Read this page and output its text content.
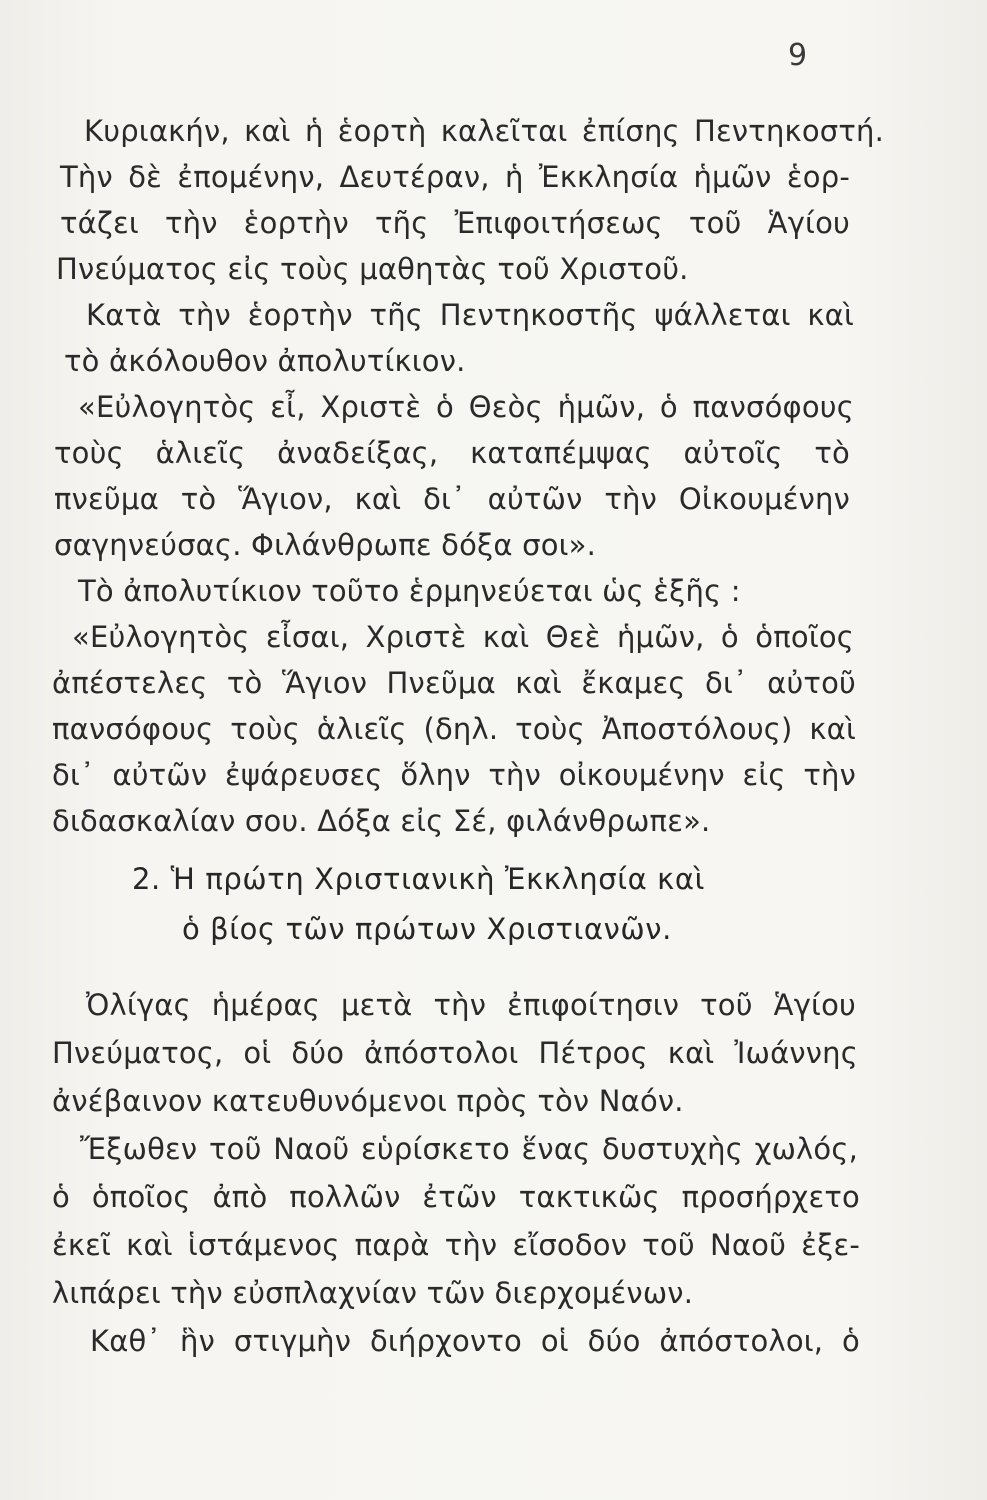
9
Κυριακήν, καὶ ἡ ἑορτὴ καλεῖται ἐπίσης Πεντηκοστή.
Τὴν δὲ ἐπομένην, Δευτέραν, ἡ Ἐκκλησία ἡμῶν ἑορ-
τάζει τὴν ἑορτὴν τῆς Ἐπιφοιτήσεως τοῦ Ἁγίου
Πνεύματος εἰς τοὺς μαθητὰς τοῦ Χριστοῦ.
Κατὰ τὴν ἑορτὴν τῆς Πεντηκοστῆς ψάλλεται καὶ
τὸ ἀκόλουθον ἀπολυτίκιον.
«Εὐλογητὸς εἶ, Χριστὲ ὁ Θεὸς ἡμῶν, ὁ πανσόφους
τοὺς ἁλιεῖς ἀναδείξας, καταπέμψας αὐτοῖς τὸ
πνεῦμα τὸ Ἅγιον, καὶ δι᾽ αὐτῶν τὴν Οἰκουμένην
σαγηνεύσας. Φιλάνθρωπε δόξα σοι».
Τὸ ἀπολυτίκιον τοῦτο ἑρμηνεύεται ὡς ἑξῆς :
«Εὐλογητὸς εἶσαι, Χριστὲ καὶ Θεὲ ἡμῶν, ὁ ὁποῖος
ἀπέστελες τὸ Ἅγιον Πνεῦμα καὶ ἔκαμες δι᾽ αὐτοῦ
πανσόφους τοὺς ἁλιεῖς (δηλ. τοὺς Ἀποστόλους) καὶ
δι᾽ αὐτῶν ἐψάρευσες ὅλην τὴν οἰκουμένην εἰς τὴν
διδασκαλίαν σου. Δόξα εἰς Σέ, φιλάνθρωπε».
2. Ἡ πρώτη Χριστιανικὴ Ἐκκλησία καὶ
ὁ βίος τῶν πρώτων Χριστιανῶν.
Ὀλίγας ἡμέρας μετὰ τὴν ἐπιφοίτησιν τοῦ Ἁγίου
Πνεύματος, οἱ δύο ἀπόστολοι Πέτρος καὶ Ἰωάννης
ἀνέβαινον κατευθυνόμενοι πρὸς τὸν Ναόν.
Ἔξωθεν τοῦ Ναοῦ εὑρίσκετο ἕνας δυστυχὴς χωλός,
ὁ ὁποῖος ἀπὸ πολλῶν ἐτῶν τακτικῶς προσήρχετο
ἐκεῖ καὶ ἱστάμενος παρὰ τὴν εἴσοδον τοῦ Ναοῦ ἐξε-
λιπάρει τὴν εὐσπλαχνίαν τῶν διερχομένων.
Καθ᾽ ἣν στιγμὴν διήρχοντο οἱ δύο ἀπόστολοι, ὁ
